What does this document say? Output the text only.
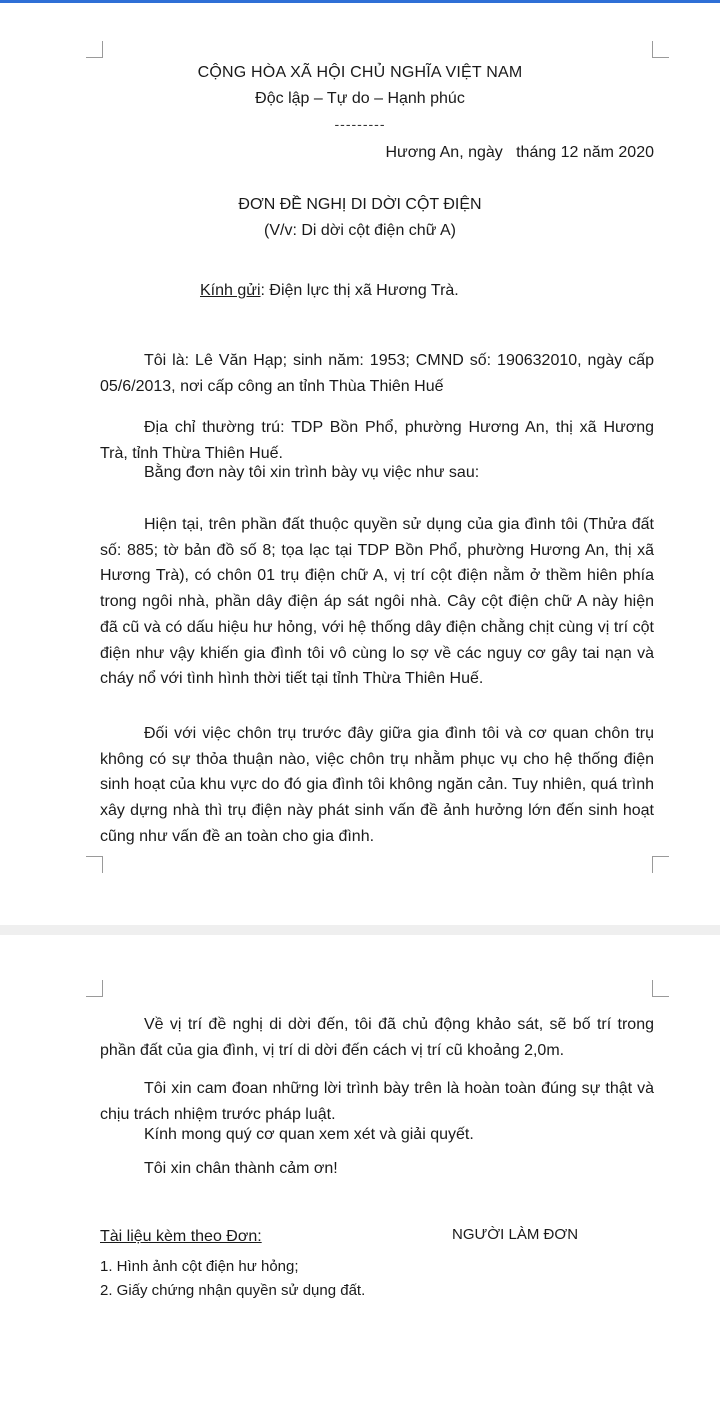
CỘNG HÒA XÃ HỘI CHỦ NGHĨA VIỆT NAM
Độc lập – Tự do – Hạnh phúc
---------
Hương An, ngày   tháng 12 năm 2020
ĐƠN ĐỀ NGHỊ DI DỜI CỘT ĐIỆN
(V/v: Di dời cột điện chữ A)
Kính gửi: Điện lực thị xã Hương Trà.

Tôi là: Lê Văn Hạp; sinh năm: 1953; CMND số: 190632010, ngày cấp 05/6/2013, nơi cấp công an tỉnh Thùa Thiên Huế

Địa chỉ thường trú: TDP Bồn Phổ, phường Hương An, thị xã Hương Trà, tỉnh Thừa Thiên Huế.

Bằng đơn này tôi xin trình bày vụ việc như sau:

Hiện tại, trên phần đất thuộc quyền sử dụng của gia đình tôi (Thửa đất số: 885; tờ bản đồ số 8; tọa lạc tại TDP Bồn Phổ, phường Hương An, thị xã Hương Trà), có chôn 01 trụ điện chữ A, vị trí cột điện nằm ở thềm hiên phía trong ngôi nhà, phần dây điện áp sát ngôi nhà. Cây cột điện chữ A này hiện đã cũ và có dấu hiệu hư hỏng, với hệ thống dây điện chằng chịt cùng vị trí cột điện như vậy khiến gia đình tôi vô cùng lo sợ về các nguy cơ gây tai nạn và cháy nổ với tình hình thời tiết tại tỉnh Thừa Thiên Huế.

Đối với việc chôn trụ trước đây giữa gia đình tôi và cơ quan chôn trụ không có sự thỏa thuận nào, việc chôn trụ nhằm phục vụ cho hệ thống điện sinh hoạt của khu vực do đó gia đình tôi không ngăn cản. Tuy nhiên, quá trình xây dựng nhà thì trụ điện này phát sinh vấn đề ảnh hưởng lớn đến sinh hoạt cũng như vấn đề an toàn cho gia đình.

Về vị trí đề nghị di dời đến, tôi đã chủ động khảo sát, sẽ bố trí trong phần đất của gia đình, vị trí di dời đến cách vị trí cũ khoảng 2,0m.

Tôi xin cam đoan những lời trình bày trên là hoàn toàn đúng sự thật và chịu trách nhiệm trước pháp luật.

Kính mong quý cơ quan xem xét và giải quyết.
Tôi xin chân thành cảm ơn!
Tài liệu kèm theo Đơn:	NGƯỜI LÀM ĐƠN
1. Hình ảnh cột điện hư hỏng;
2. Giấy chứng nhận quyền sử dụng đất.
